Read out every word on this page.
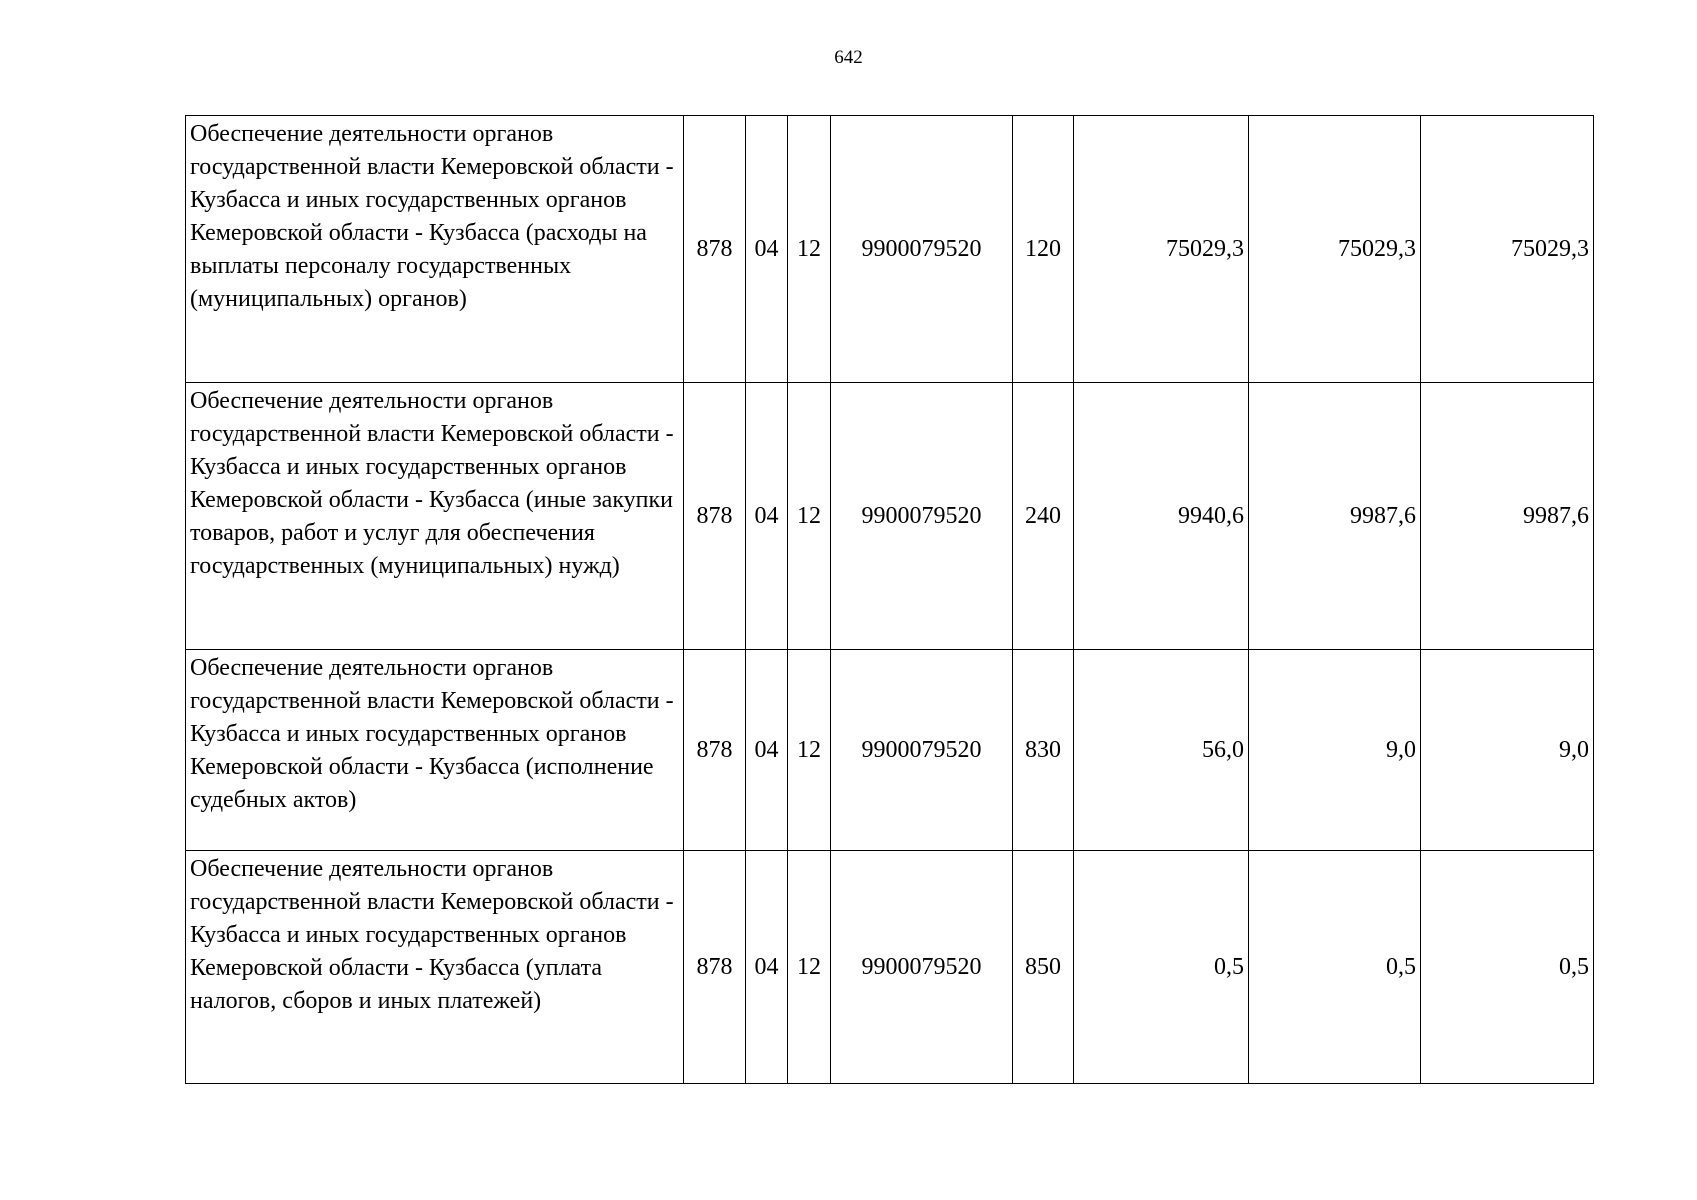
642
Обеспечение деятельности органов государственной власти Кемеровской области - Кузбасса и иных государственных органов Кемеровской области - Кузбасса (расходы на выплаты персоналу государственных (муниципальных) органов)	878	04	12	9900079520	120	75029,3	75029,3	75029,3
Обеспечение деятельности органов государственной власти Кемеровской области - Кузбасса и иных государственных органов Кемеровской области - Кузбасса (иные закупки товаров, работ и услуг для обеспечения государственных (муниципальных) нужд)	878	04	12	9900079520	240	9940,6	9987,6	9987,6
Обеспечение деятельности органов государственной власти Кемеровской области - Кузбасса и иных государственных органов Кемеровской области - Кузбасса (исполнение судебных актов)	878	04	12	9900079520	830	56,0	9,0	9,0
Обеспечение деятельности органов государственной власти Кемеровской области - Кузбасса и иных государственных органов Кемеровской области - Кузбасса (уплата налогов, сборов и иных платежей)	878	04	12	9900079520	850	0,5	0,5	0,5
